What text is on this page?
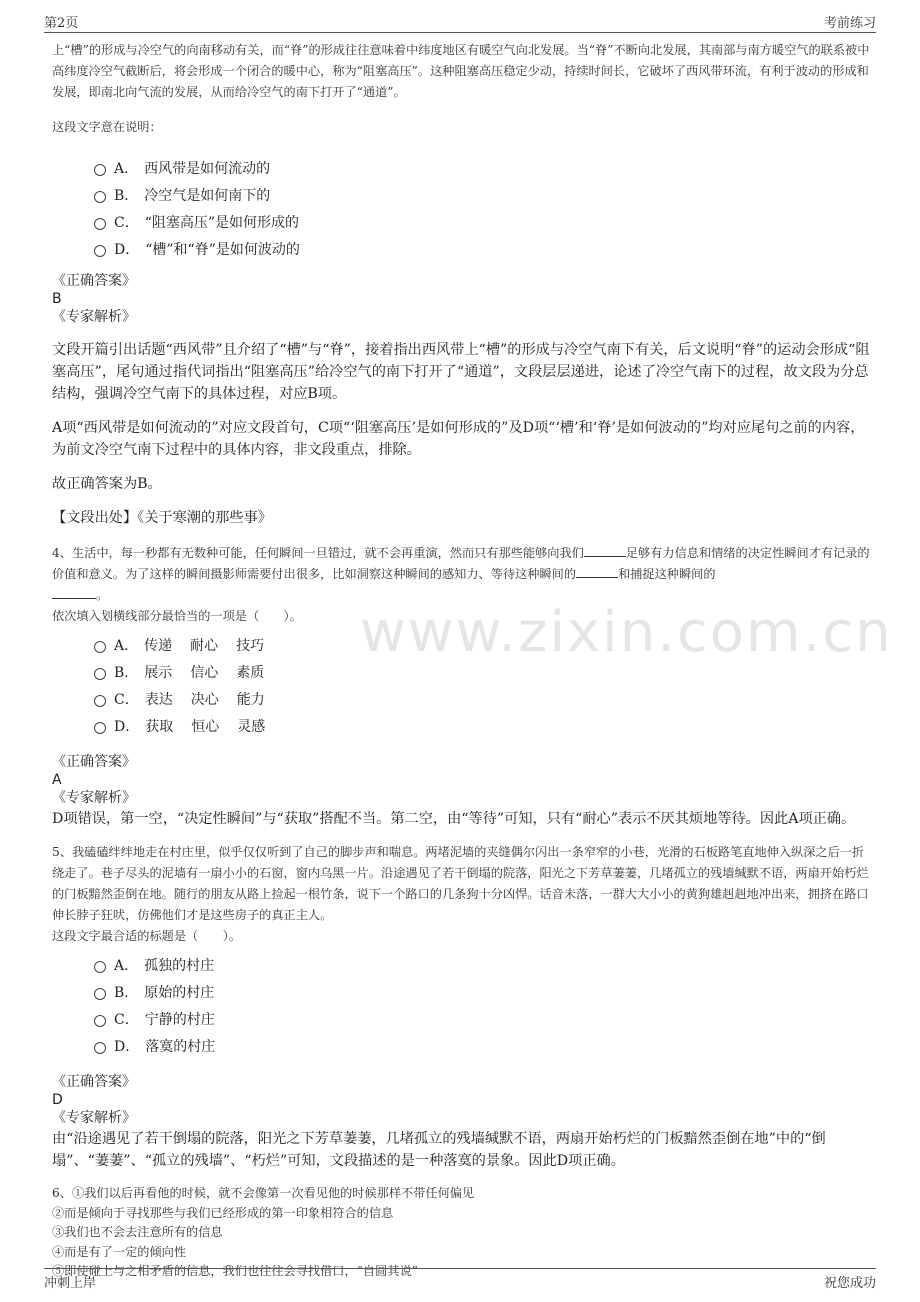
第2页	考前练习
www.zixin.com.cn

上“槽”的形成与冷空气的向南移动有关，而“脊”的形成往往意味着中纬度地区有暖空气向北发展。当“脊”不断向北发展，其南部与南方暖空气的联系被中高纬度冷空气截断后，将会形成一个闭合的暖中心，称为“阻塞高压”。这种阻塞高压稳定少动，持续时间长，它破坏了西风带环流，有利于波动的形成和发展，即南北向气流的发展，从而给冷空气的南下打开了“通道”。

这段文字意在说明：

A． 西风带是如何流动的
B． 冷空气是如何南下的
C． “阻塞高压”是如何形成的
D． “槽”和“脊”是如何波动的

《正确答案》

B

《专家解析》

文段开篇引出话题“西风带”且介绍了“槽”与“脊”，接着指出西风带上“槽”的形成与冷空气南下有关，后文说明“脊”的运动会形成“阻塞高压”，尾句通过指代词指出“阻塞高压”给冷空气的南下打开了“通道”，文段层层递进，论述了冷空气南下的过程，故文段为分总结构，强调冷空气南下的具体过程，对应B项。

A项“西风带是如何流动的”对应文段首句，C项“‘阻塞高压’是如何形成的”及D项“‘槽’和‘脊’是如何波动的”均对应尾句之前的内容，为前文冷空气南下过程中的具体内容，非文段重点，排除。

故正确答案为B。

【文段出处】《关于寒潮的那些事》

4、生活中，每一秒都有无数种可能，任何瞬间一旦错过，就不会再重演，然而只有那些能够向我们	足够有力信息和情绪的决定性瞬间才有记录的价值和意义。为了这样的瞬间摄影师需要付出很多，比如洞察这种瞬间的感知力、等待这种瞬间的	和捕捉这种瞬间的
。

依次填入划横线部分最恰当的一项是（　　）。

A． 传递 耐心 技巧
B． 展示 信心 素质
C． 表达 决心 能力
D． 获取 恒心 灵感

《正确答案》

A

《专家解析》

D项错误，第一空，“决定性瞬间”与“获取”搭配不当。第二空，由“等待”可知，只有“耐心”表示不厌其烦地等待。因此A项正确。

5、我磕磕绊绊地走在村庄里，似乎仅仅听到了自己的脚步声和喘息。两堵泥墙的夹缝偶尔闪出一条窄窄的小巷，光滑的石板路笔直地伸入纵深之后一折绕走了。巷子尽头的泥墙有一扇小小的石窗，窗内乌黑一片。沿途遇见了若干倒塌的院落，阳光之下芳草萋萋，几堵孤立的残墙缄默不语，两扇开始朽烂的门板黯然歪倒在地。随行的朋友从路上捡起一根竹条，说下一个路口的几条狗十分凶悍。话音未落，一群大大小小的黄狗雄赳赳地冲出来，拥挤在路口伸长脖子狂吠，仿佛他们才是这些房子的真正主人。

这段文字最合适的标题是（　　）。

A． 孤独的村庄
B． 原始的村庄
C． 宁静的村庄
D． 落寞的村庄

《正确答案》

D

《专家解析》

由“沿途遇见了若干倒塌的院落，阳光之下芳草萋萋，几堵孤立的残墙缄默不语，两扇开始朽烂的门板黯然歪倒在地”中的“倒塌”、“萋萋”、“孤立的残墙”、“朽烂”可知，文段描述的是一种落寞的景象。因此D项正确。

6、①我们以后再看他的时候，就不会像第一次看见他的时候那样不带任何偏见

②而是倾向于寻找那些与我们已经形成的第一印象相符合的信息

③我们也不会去注意所有的信息

④而是有了一定的倾向性

⑤即使碰上与之相矛盾的信息，我们也往往会寻找借口，“自圆其说”

冲刺上岸	祝您成功
